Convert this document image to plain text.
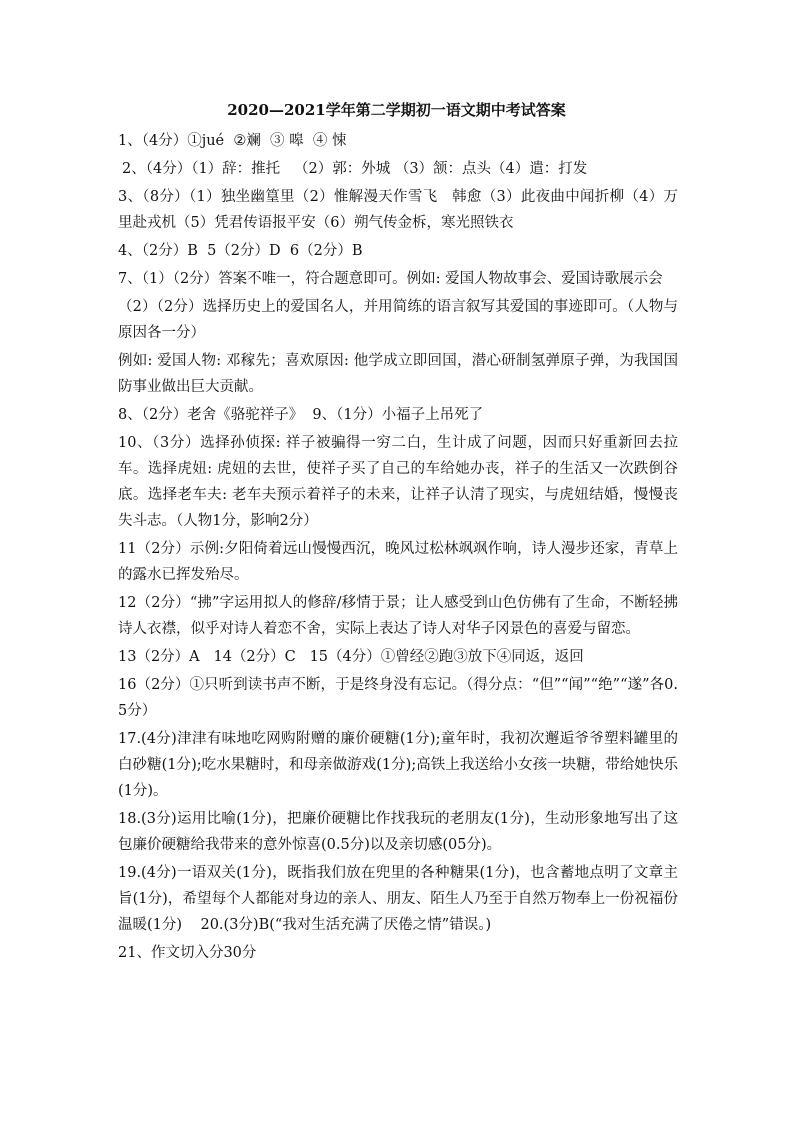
2020—2021学年第二学期初一语文期中考试答案

1、（4分）①jué  ②斓  ③ 嗥  ④ 悚

2、（4分）（1）辞：推托   （2）郭：外城 （3）颔：点头（4）遣：打发

3、（8分）（1）独坐幽篁里（2）惟解漫天作雪飞   韩愈（3）此夜曲中闻折柳（4）万里赴戎机（5）凭君传语报平安（6）朔气传金柝，寒光照铁衣

4、（2分）B  5（2分）D  6（2分）B

7、（1）（2分）答案不唯一，符合题意即可。例如: 爱国人物故事会、爱国诗歌展示会

（2）（2分）选择历史上的爱国名人，并用简练的语言叙写其爱国的事迹即可。（人物与原因各一分）

例如: 爱国人物: 邓稼先；喜欢原因: 他学成立即回国，潜心研制氢弹原子弹，为我国国防事业做出巨大贡献。

8、（2分）老舍《骆驼祥子》  9、（1分）小福子上吊死了

10、（3分）选择孙侦探: 祥子被骗得一穷二白，生计成了问题，因而只好重新回去拉车。选择虎妞: 虎妞的去世，使祥子买了自己的车给她办丧，祥子的生活又一次跌倒谷底。选择老车夫: 老车夫预示着祥子的未来，让祥子认清了现实，与虎妞结婚，慢慢丧失斗志。（人物1分，影响2分）

11（2分）示例:夕阳倚着远山慢慢西沉，晚风过松林飒飒作响，诗人漫步还家，青草上的露水已挥发殆尽。

12（2分）“拂”字运用拟人的修辞/移情于景；让人感受到山色仿佛有了生命，不断轻拂诗人衣襟，似乎对诗人着恋不舍，实际上表达了诗人对华子冈景色的喜爱与留恋。

13（2分）A   14（2分）C   15（4分）①曾经②跑③放下④同返，返回

16（2分）①只听到读书声不断，于是终身没有忘记。（得分点：“但”“闻”“绝”“遂”各0.5分）

17.(4分)津津有味地吃网购附赠的廉价硬糖(1分);童年时，我初次邂逅爷爷塑料罐里的白砂糖(1分);吃水果糖时，和母亲做游戏(1分);高铁上我送给小女孩一块糖，带给她快乐(1分)。

18.(3分)运用比喻(1分)，把廉价硬糖比作找我玩的老朋友(1分)，生动形象地写出了这包廉价硬糖给我带来的意外惊喜(0.5分)以及亲切感(05分)。

19.(4分)一语双关(1分)，既指我们放在兜里的各种糖果(1分)，也含蓄地点明了文章主旨(1分)，希望每个人都能对身边的亲人、朋友、陌生人乃至于自然万物奉上一份祝福份温暖(1分)    20.(3分)B(“我对生活充满了厌倦之情”错误。)

21、作文切入分30分
